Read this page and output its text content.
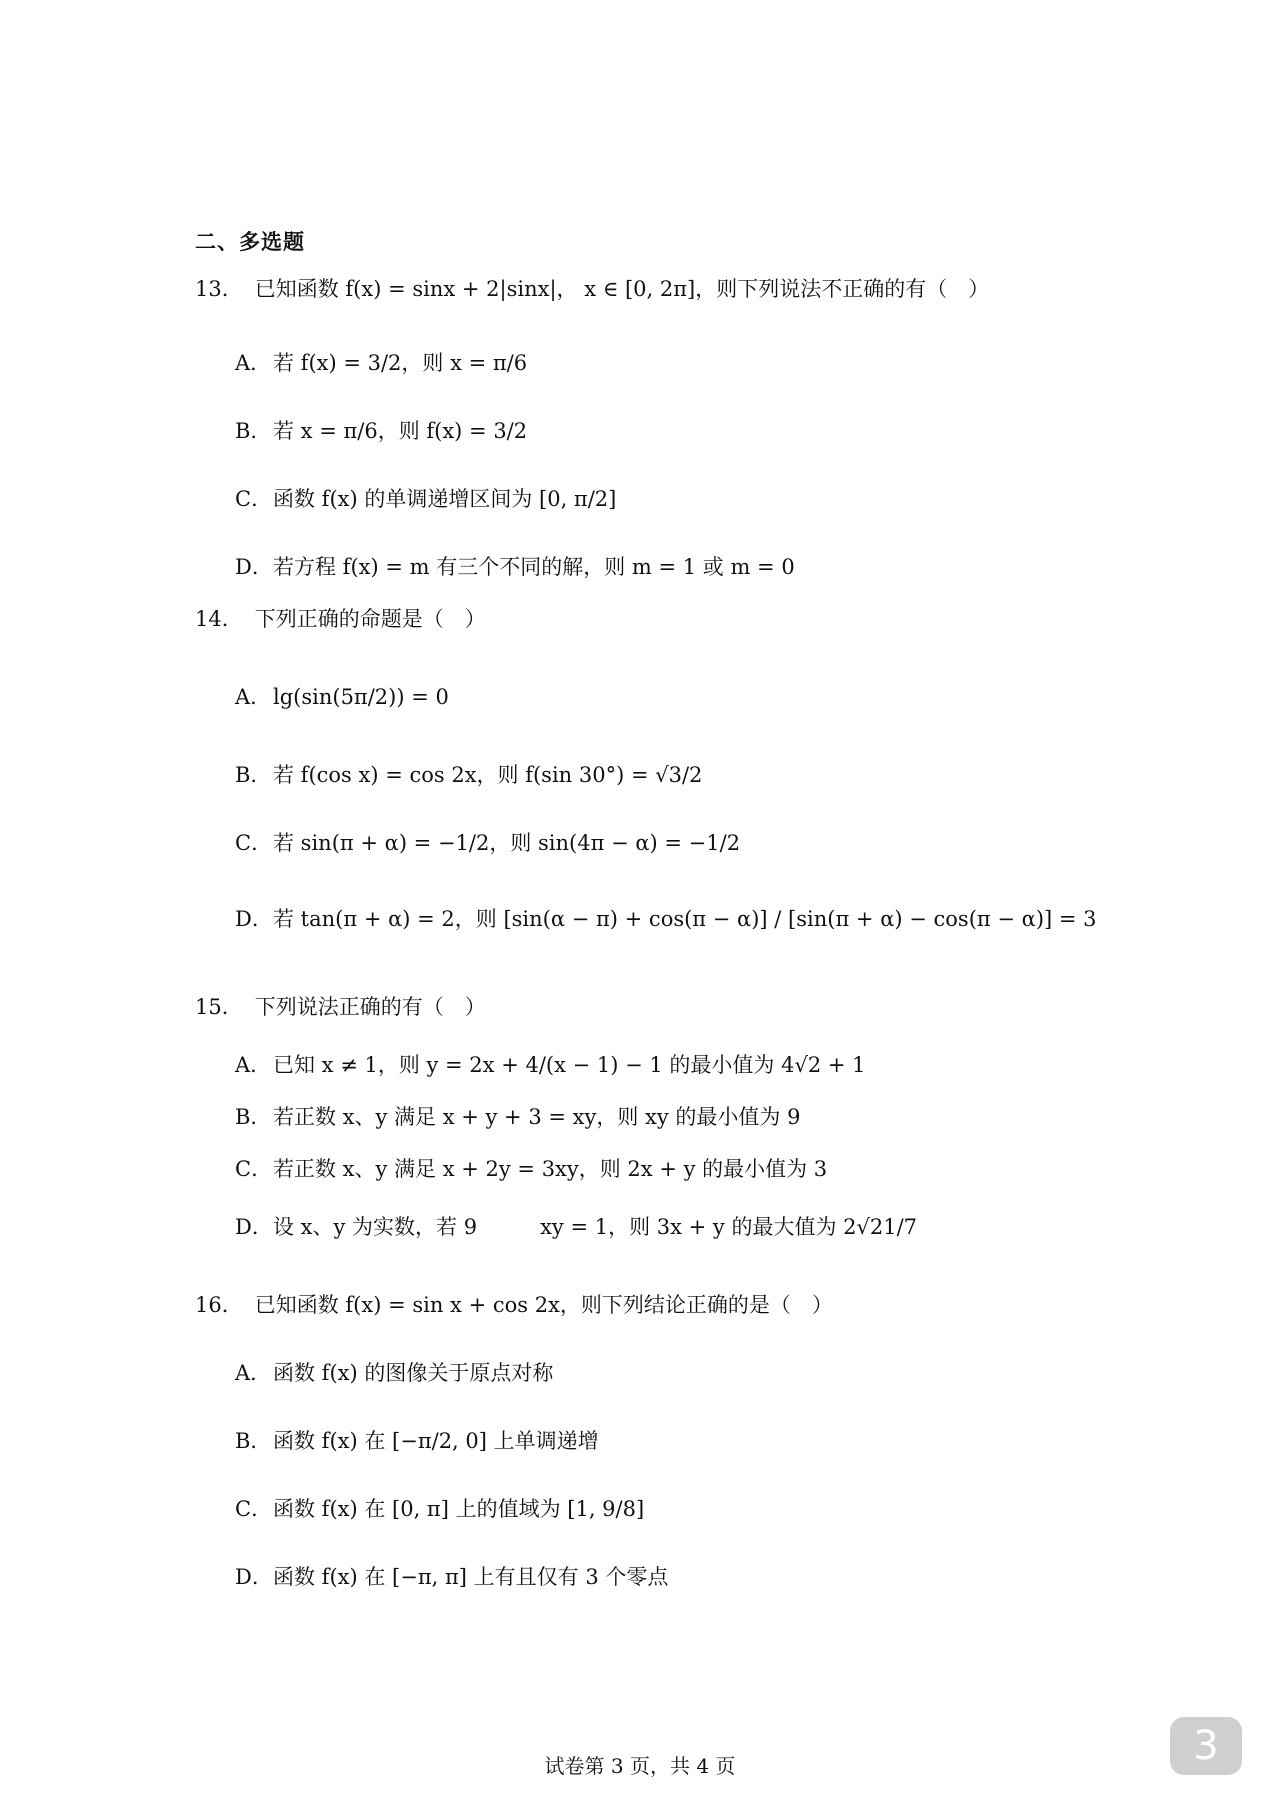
二、多选题
13． 已知函数 f(x) = sinx + 2|sinx|， x ∈ [0, 2π]，则下列说法不正确的有（　）
A．若 f(x) = 3/2，则 x = π/6
B．若 x = π/6，则 f(x) = 3/2
C．函数 f(x) 的单调递增区间为 [0, π/2]
D．若方程 f(x) = m 有三个不同的解，则 m = 1 或 m = 0
14． 下列正确的命题是（　）
A．lg(sin(5π/2)) = 0
B．若 f(cos x) = cos 2x，则 f(sin 30°) = √3/2
C．若 sin(π + α) = −1/2，则 sin(4π − α) = −1/2
D．若 tan(π + α) = 2，则 [sin(α − π) + cos(π − α)] / [sin(π + α) − cos(π − α)] = 3
15． 下列说法正确的有（　）
A．已知 x ≠ 1，则 y = 2x + 4/(x − 1) − 1 的最小值为 4√2 + 1
B．若正数 x、y 满足 x + y + 3 = xy，则 xy 的最小值为 9
C．若正数 x、y 满足 x + 2y = 3xy，则 2x + y 的最小值为 3
D．设 x、y 为实数，若 9　　　xy = 1，则 3x + y 的最大值为 2√21/7
16． 已知函数 f(x) = sin x + cos 2x，则下列结论正确的是（　）
A．函数 f(x) 的图像关于原点对称
B．函数 f(x) 在 [−π/2, 0] 上单调递增
C．函数 f(x) 在 [0, π] 上的值域为 [1, 9/8]
D．函数 f(x) 在 [−π, π] 上有且仅有 3 个零点
试卷第 3 页，共 4 页	3
